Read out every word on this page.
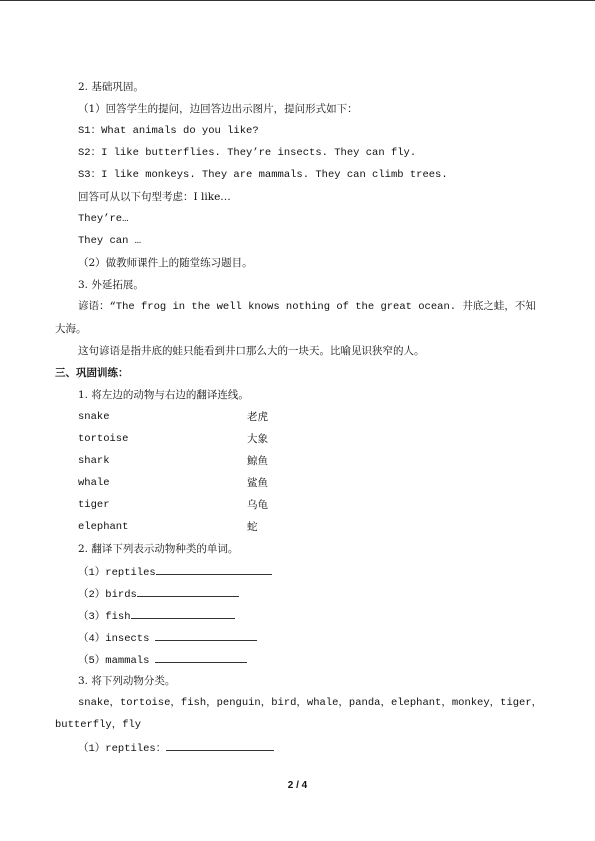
2. 基础巩固。
（1）回答学生的提问，边回答边出示图片，提问形式如下：
S1：What animals do you like?
S2：I like butterflies. They’re insects. They can fly.
S3：I like monkeys. They are mammals. They can climb trees.
回答可从以下句型考虑：I like…
They’re…
They can …
（2）做教师课件上的随堂练习题目。
3. 外延拓展。
谚语：“The frog in the well knows nothing of the great ocean. 井底之蛙，不知
大海。
这句谚语是指井底的蛙只能看到井口那么大的一块天。比喻见识狭窄的人。
三、巩固训练：
1. 将左边的动物与右边的翻译连线。
snake	老虎
tortoise	大象
shark	鲸鱼
whale	鲨鱼
tiger	乌龟
elephant	蛇
2. 翻译下列表示动物种类的单词。
（1）reptiles
（2）birds
（3）fish
（4）insects
（5）mammals
3. 将下列动物分类。
snake，tortoise，fish，penguin，bird，whale，panda，elephant，monkey，tiger，
butterfly，fly
（1）reptiles：
2 / 4
